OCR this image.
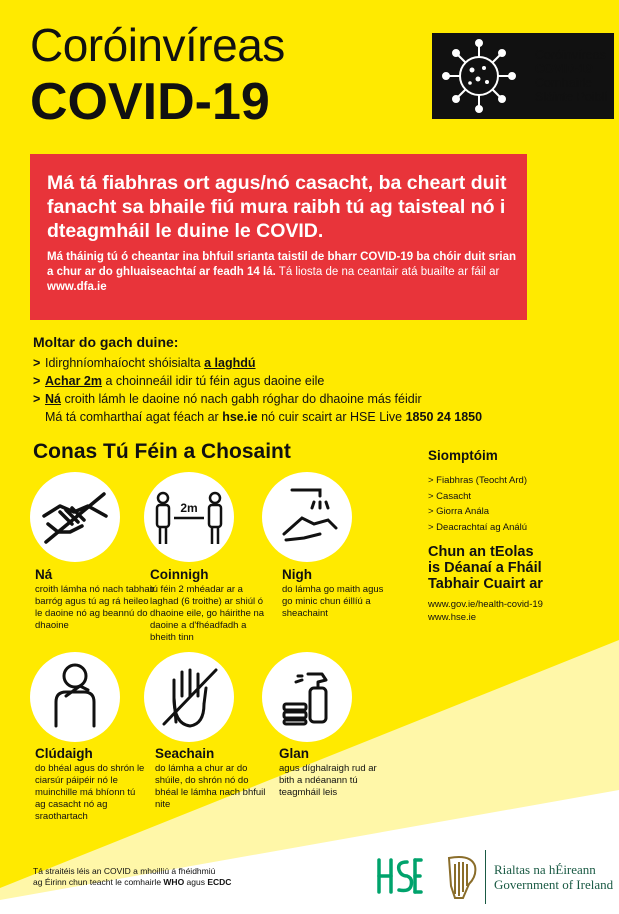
Coróinvíreas
COVID-19
Coróinvíreas
COVID-19
Comhairle
Sláinte Poiblí
Má tá fiabhras ort agus/nó casacht, ba cheart duit fanacht sa bhaile fiú mura raibh tú ag taisteal nó i dteagmháil le duine le COVID.
Má tháinig tú ó cheantar ina bhfuil srianta taistil de bharr COVID-19 ba chóir duit srian a chur ar do ghluaiseachtaí ar feadh 14 lá. Tá liosta de na ceantair atá buailte ar fáil ar www.dfa.ie
Moltar do gach duine:
> Idirghníomhaíocht shóisialta a laghdú
> Achar 2m a choinneáil idir tú féin agus daoine eile
> Ná croith lámh le daoine nó nach gabh róghar do dhaoine más féidir
Má tá comharthaí agat féach ar hse.ie nó cuir scairt ar HSE Live 1850 24 1850
Conas Tú Féin a Chosaint
2m
Ná
croith lámha nó nach tabhair barróg agus tú ag rá heileo le daoine nó ag beannú do dhaoine
Coinnigh
tú féin 2 mhéadar ar a laghad (6 troithe) ar shiúl ó dhaoine eile, go háirithe na daoine a d'fhéadfadh a bheith tinn
Nigh
do lámha go maith agus go minic chun éillíú a sheachaint
Clúdaigh
do bhéal agus do shrón le ciarsúr páipéir nó le muinchille má bhíonn tú ag casacht nó ag sraothartach
Seachain
do lámha a chur ar do shúile, do shrón nó do bhéal le lámha nach bhfuil nite
Glan
agus díghalraigh rud ar bith a ndéanann tú teagmháil leis
Siomptóim
> Fiabhras (Teocht Ard)
> Casacht
> Giorra Anála
> Deacrachtaí ag Análú
Chun an tEolas
is Déanaí a Fháil
Tabhair Cuairt ar
www.gov.ie/health-covid-19
www.hse.ie
Tá straitéis léis an COVID a mhoilliú á fhéidhmiú
ag Éirinn chun teacht le comhairle WHO agus ECDC
Rialtas na hÉireann
Government of Ireland
